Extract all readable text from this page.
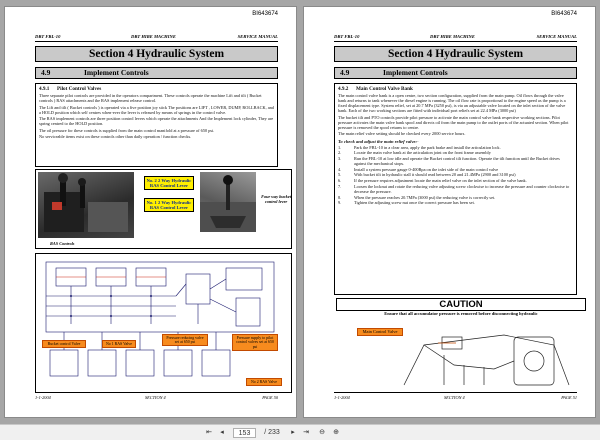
BI643674
DBT FBL-10	DBT HIRE MACHINE	SERVICE MANUAL
Section 4 Hydraulic System
4.9	Implement Controls
4.9.1 Pilot Control Valves
Three separate pilot controls are provided in the operators compartment. These controls operate the machine Lift and tilt ( Bucket controls ) RAS attachments and the RAS implement release control.
The Lift and tilt ( Bucket controls ) is operated via a five position joy stick The positions are LIFT , LOWER, DUMP, ROLLBACK, and a HOLD position which self centres when-ever the lever is released by means of springs in the control valve.
The RAS implement controls are three position control levers which operate the attachments And the Implement lock cylinder, They are spring centred to the HOLD position.
The oil pressure for these controls is supplied from the main control manifold at a pressure of 650 psi.
No serviceable items exist on these controls other than daily operation / function checks.
No. 2 2 Way Hydraulic RAS Control Lever
No. 1 2 Way Hydraulic RAS Control Lever
RAS Controls
Four way bucket control lever
Bucket control Valve	No 1 RAS Valve
Pressure reducing valve set at 650 psi
Pressure supply to pilot control valves set at 650 psi
No 2 RAS Valve
1-1-2004	SECTION 4	PAGE 50
BI643674
DBT FBL-10	DBT HIRE MACHINE	SERVICE MANUAL
Section 4 Hydraulic System
4.9	Implement Controls
4.9.2 Main Control Valve Bank
The main control valve bank is a open centre, two section configuration, supplied from the main pump. Oil flows through the valve bank and returns to tank whenever the diesel engine is running. The oil flow rate is proportional to the engine speed as the pump is a fixed displacement type. System relief, set at 20.7 MPa (3250 psi), is via an adjustable valve located on the inlet section of the valve bank. Each of the two working sections are fitted with individual port reliefs set at 22.4 MPa (3000 psi)
The bucket tilt and PTO controls provide pilot pressure to activate the main control valve bank respective working sections. Pilot pressure activates the main valve bank spool and directs oil from the main pump to the outlet ports of the actuated section. When pilot pressure is removed the spool returns to centre.
The main relief valve setting should be checked every 2000 service hours.
To check and adjust the main relief valve:-
1.	Park the FBL-10 in a clear area, apply the park brake and install the articulation lock.
2.	Locate the main valve bank at the articulation joint on the front frame assembly
3.	Run the FBL-10 at low idle and operate the Bucket control tilt function. Operate the tilt function until the Bucket drives against the mechanical stops.
4.	Install a system pressure gauge 0-400Bpa on the inlet side of the main control valve
5.	With bucket tilt in hydraulic stall it should read between 20 and 21.4MPa (2900 and 3100 psi)
6.	If the pressure requires adjustment locate the main relief valve on the inlet section of the valve bank.
7.	Loosen the locknut and rotate the reducing valve adjusting screw clockwise to increase the pressure and counter clockwise to decrease the pressure.
8.	When the pressure reaches 20.7MPa (3000 psi) the reducing valve is correctly set.
9.	Tighten the adjusting screw nut once the correct pressure has been set.
CAUTION
Ensure that all accumulator pressure is removed before disconnecting hydraulic
Main Control Valve
1-1-2004	SECTION 4	PAGE 51
⇤	◂	153	/ 233	▸	⇥	⊖	⊕
